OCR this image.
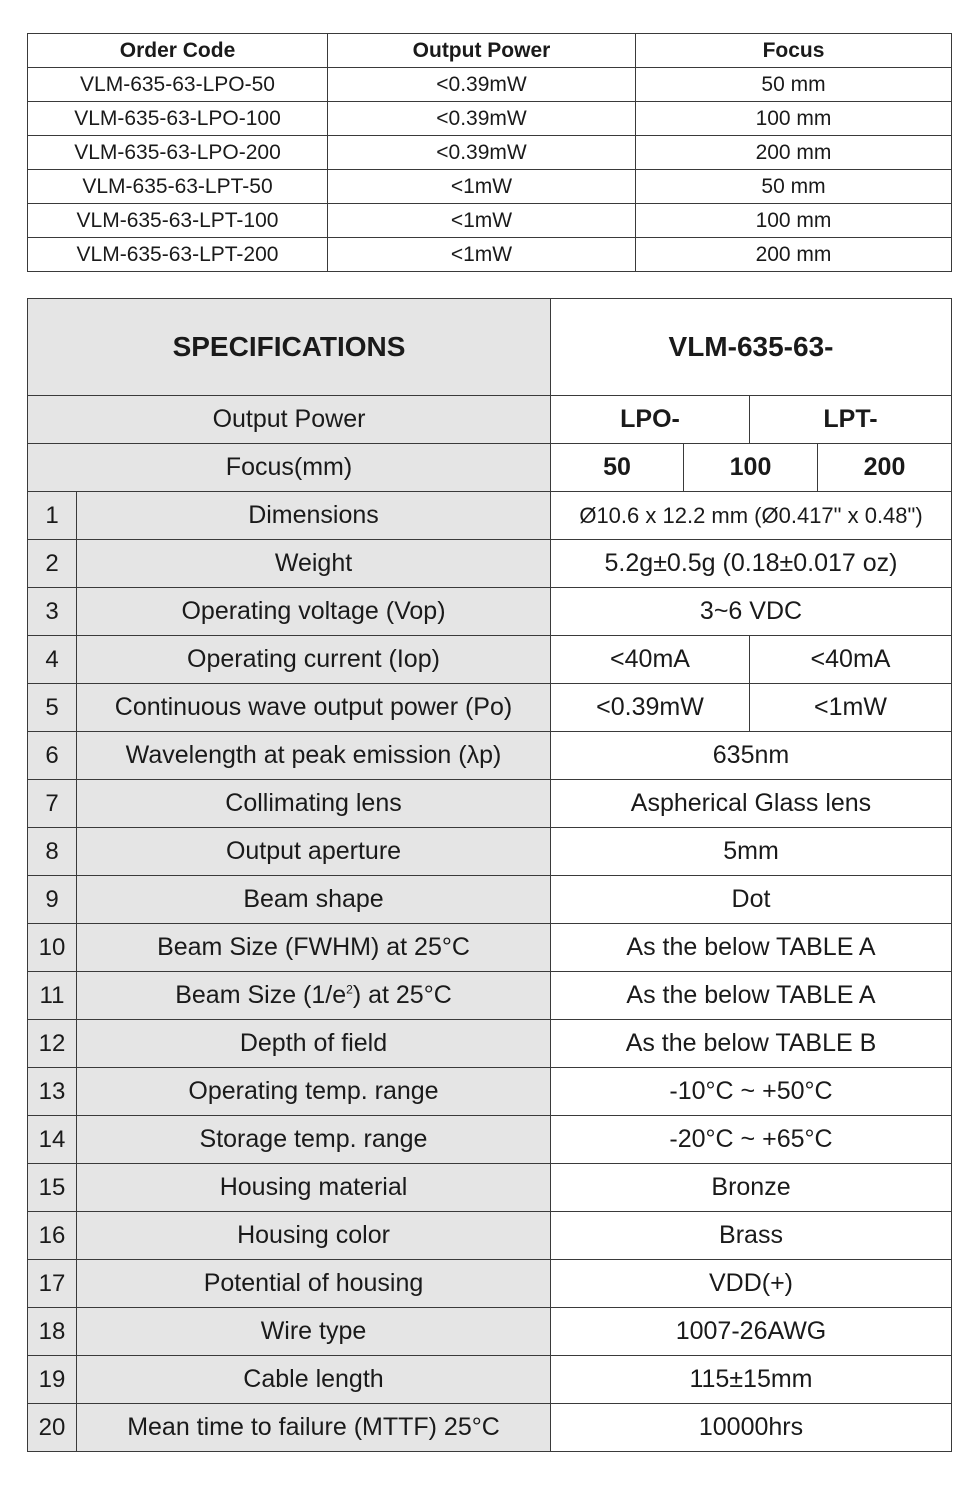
Order Code	Output Power	Focus
VLM-635-63-LPO-50	<0.39mW	50 mm
VLM-635-63-LPO-100	<0.39mW	100 mm
VLM-635-63-LPO-200	<0.39mW	200 mm
VLM-635-63-LPT-50	<1mW	50 mm
VLM-635-63-LPT-100	<1mW	100 mm
VLM-635-63-LPT-200	<1mW	200 mm
SPECIFICATIONS		VLM-635-63-			
Output Power		LPO-		LPT-	
Focus(mm)		50	100		200
1	Dimensions	Ø10.6 x 12.2 mm (Ø0.417" x 0.48")			
2	Weight	5.2g±0.5g (0.18±0.017 oz)			
3	Operating voltage (Vop)	3~6 VDC			
4	Operating current (Iop)	<40mA		<40mA	
5	Continuous wave output power (Po)	<0.39mW		<1mW	
6	Wavelength at peak emission (λp)	635nm			
7	Collimating lens	Aspherical Glass lens			
8	Output aperture	5mm			
9	Beam shape	Dot			
10	Beam Size (FWHM) at 25°C	As the below TABLE A			
11	Beam Size $(1/e^2)$ at 25°C	As the below TABLE A			
12	Depth of field	As the below TABLE B			
13	Operating temp. range	-10°C ~ +50°C			
14	Storage temp. range	-20°C ~ +65°C			
15	Housing material	Bronze			
16	Housing color	Brass			
17	Potential of housing	VDD(+)			
18	Wire type	1007-26AWG			
19	Cable length	115±15mm			
20	Mean time to failure (MTTF) 25°C	10000hrs			
